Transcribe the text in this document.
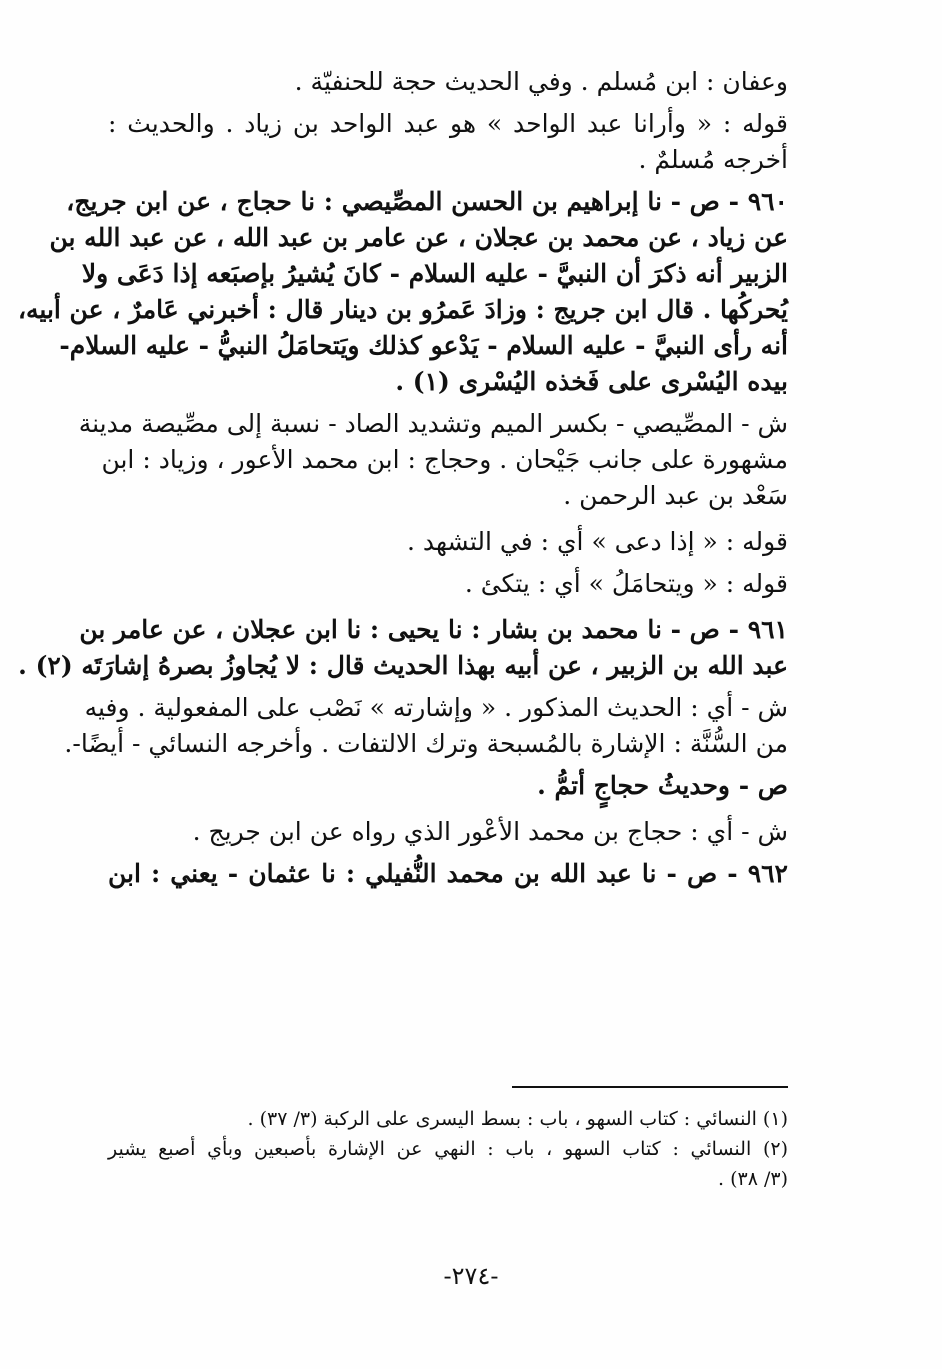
وعفان : ابن مُسلم . وفي الحديث حجة للحنفيّة .
قوله : « وأرانا عبد الواحد » هو عبد الواحد بن زياد . والحديث :
أخرجه مُسلمٌ .
٩٦٠ - ص - نا إبراهيم بن الحسن المصِّيصي : نا حجاج ، عن ابن جريج،
عن زياد ، عن محمد بن عجلان ، عن عامر بن عبد الله ، عن عبد الله بن
الزبير أنه ذكرَ أن النبيَّ - عليه السلام - كانَ يُشيرُ بإصبَعه إذا دَعَى ولا
يُحركُها . قال ابن جريج : وزادَ عَمرُو بن دينار قال : أخبرني عَامرٌ ، عن أبيه،
أنه رأى النبيَّ - عليه السلام - يَدْعو كذلك ويَتحامَلُ النبيُّ - عليه السلام-
بيده اليُسْرى على فَخذه اليُسْرى (١) .
ش - المصِّيصي - بكسر الميم وتشديد الصاد - نسبة إلى مصِّيصة مدينة
مشهورة على جانب جَيْحان . وحجاج : ابن محمد الأعور ، وزياد : ابن
سَعْد بن عبد الرحمن .
قوله : « إذا دعى » أي : في التشهد .
قوله : « ويتحامَلُ » أي : يتكئ .
٩٦١ - ص - نا محمد بن بشار : نا يحيى : نا ابن عجلان ، عن عامر بن
عبد الله بن الزبير ، عن أبيه بهذا الحديث قال : لا يُجاوزُ بصرهُ إشارَتَه (٢) .
ش - أي : الحديث المذكور . « وإشارته » نَصْب على المفعولية . وفيه
من السُّنَّة : الإشارة بالمُسبحة وترك الالتفات . وأخرجه النسائي - أيضًا-.
ص - وحديثُ حجاجٍ أتمُّ .
ش - أي : حجاج بن محمد الأعْور الذي رواه عن ابن جريج .
٩٦٢ - ص - نا عبد الله بن محمد النُّفيلي : نا عثمان - يعني : ابن
(١) النسائي : كتاب السهو ، باب : بسط اليسرى على الركبة (٣/ ٣٧) .
(٢) النسائي : كتاب السهو ، باب : النهي عن الإشارة بأصبعين وبأي أصبع يشير
(٣/ ٣٨) .
-٢٧٤-
